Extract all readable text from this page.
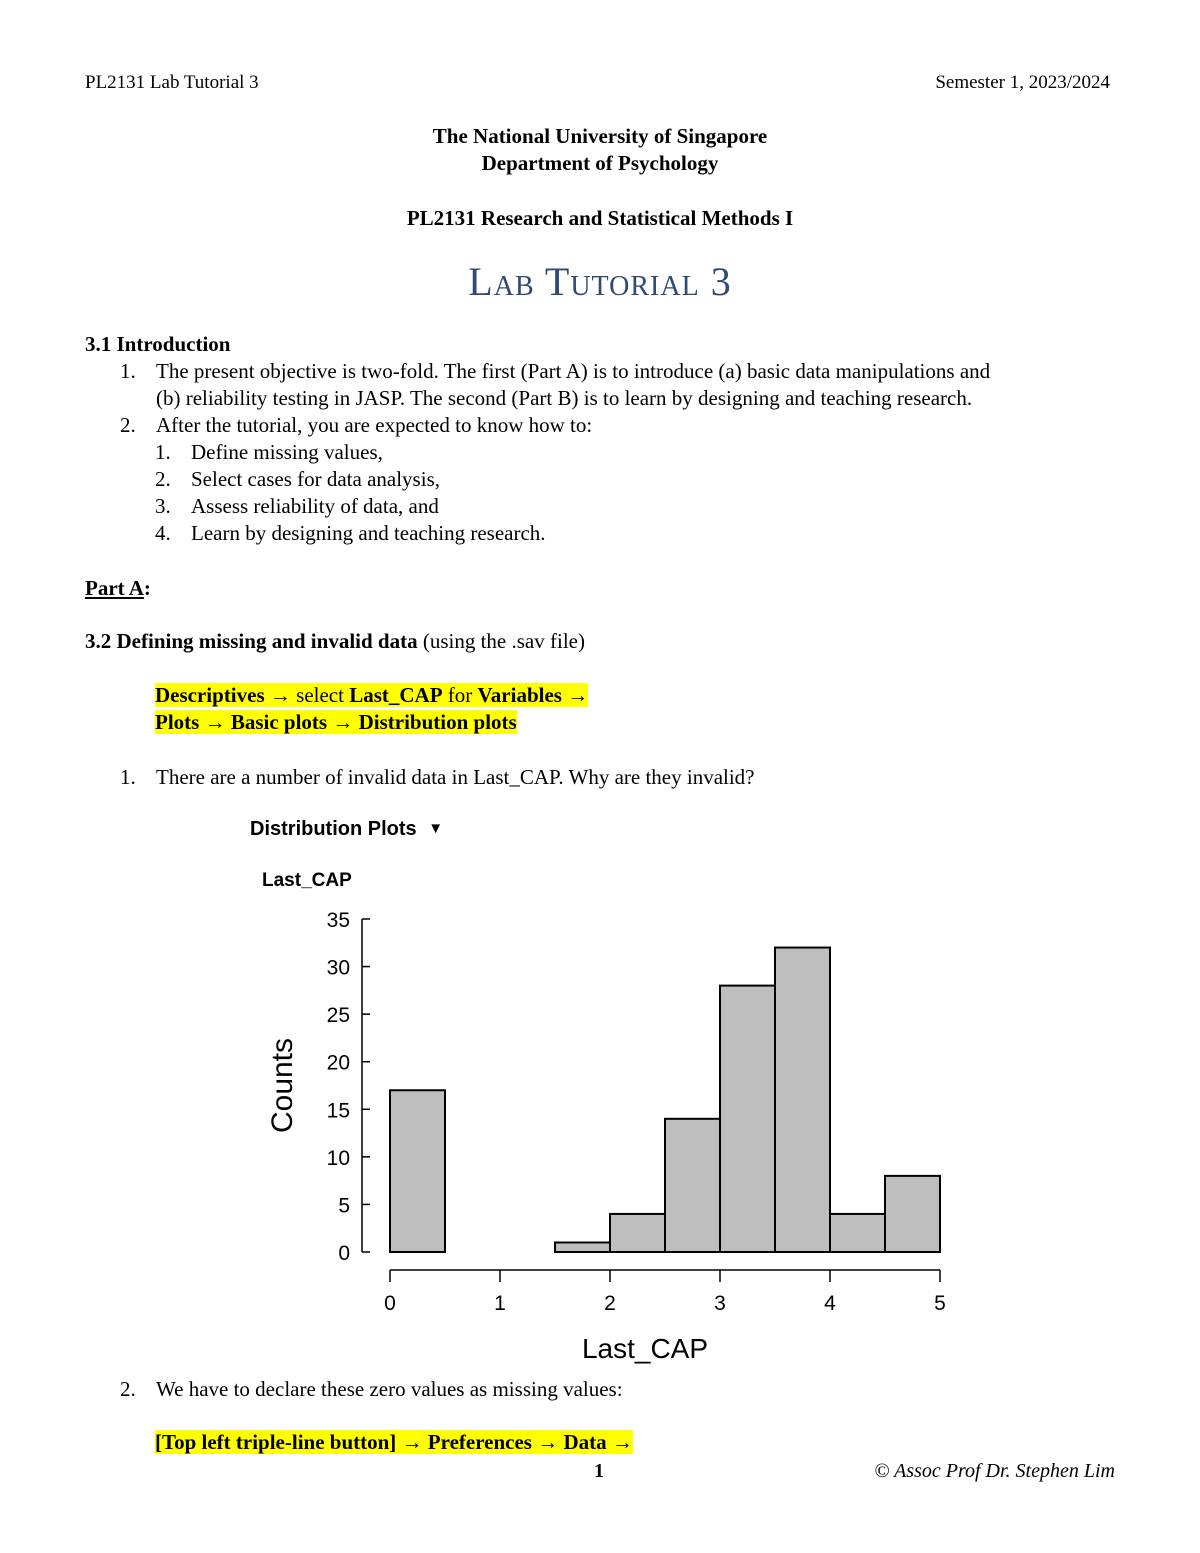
PL2131 Lab Tutorial 3	Semester 1, 2023/2024
The National University of Singapore
Department of Psychology
PL2131 Research and Statistical Methods I
Lab Tutorial 3
3.1 Introduction
1. The present objective is two-fold. The first (Part A) is to introduce (a) basic data manipulations and
(b) reliability testing in JASP. The second (Part B) is to learn by designing and teaching research.
2. After the tutorial, you are expected to know how to:
1. Define missing values,
2. Select cases for data analysis,
3. Assess reliability of data, and
4. Learn by designing and teaching research.
Part A:
3.2 Defining missing and invalid data (using the .sav file)
Descriptives → select Last_CAP for Variables →
Plots → Basic plots → Distribution plots
1. There are a number of invalid data in Last_CAP. Why are they invalid?
Distribution Plots ▼
Last_CAP
0
5
10
15
20
25
30
35
0	1	2	3	4	5
Counts
Last_CAP
2. We have to declare these zero values as missing values:
[Top left triple-line button] → Preferences → Data →
1	© Assoc Prof Dr. Stephen Lim
